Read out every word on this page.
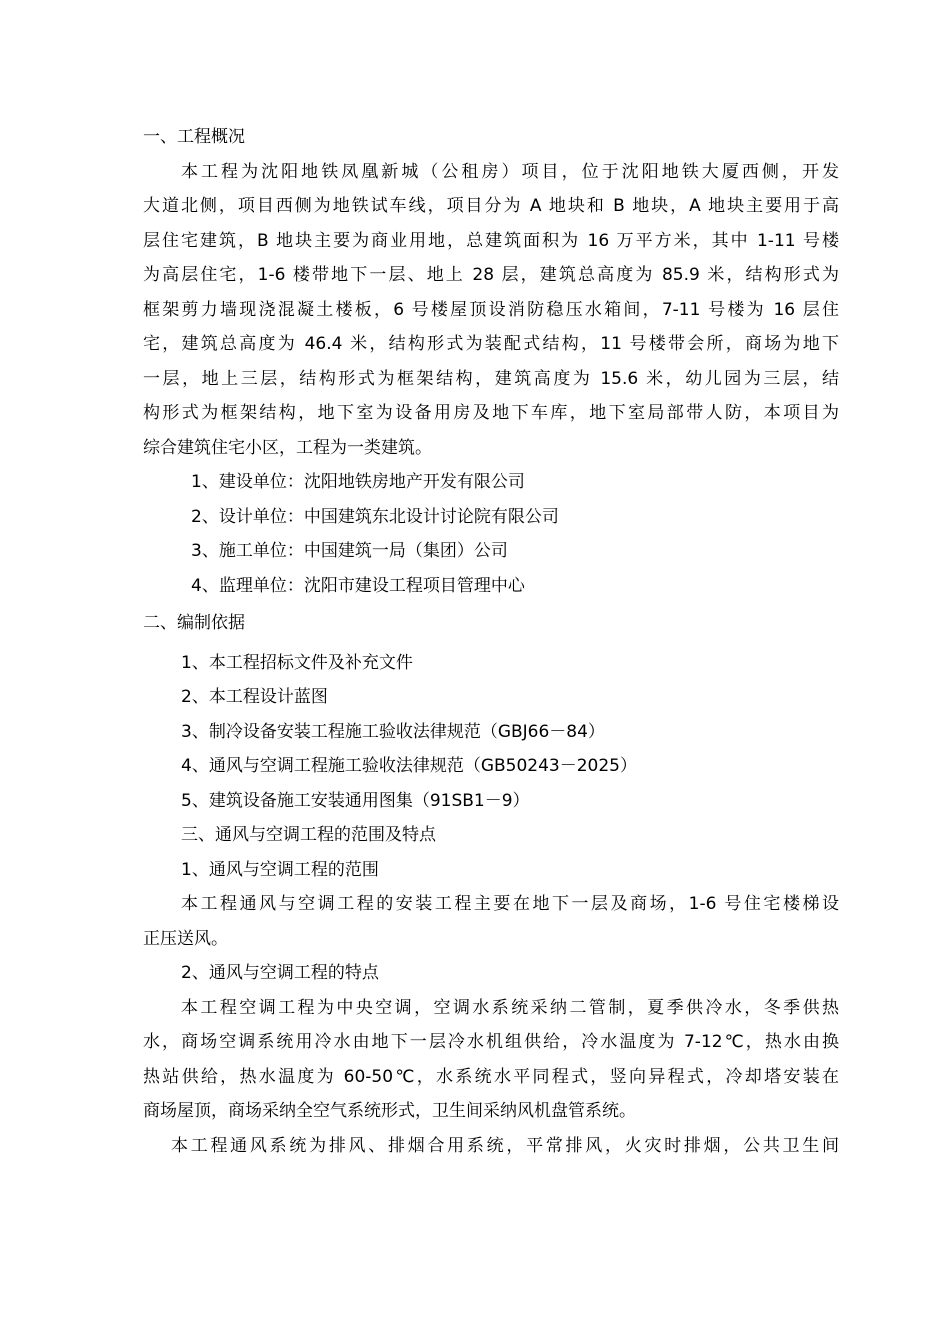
一、工程概况
本工程为沈阳地铁凤凰新城（公租房）项目，位于沈阳地铁大厦西侧，开发
大道北侧，项目西侧为地铁试车线，项目分为 A 地块和 B 地块，A 地块主要用于高
层住宅建筑，B 地块主要为商业用地，总建筑面积为 16 万平方米，其中 1-11 号楼
为高层住宅，1-6 楼带地下一层、地上 28 层，建筑总高度为 85.9 米，结构形式为
框架剪力墙现浇混凝土楼板，6 号楼屋顶设消防稳压水箱间，7-11 号楼为 16 层住
宅，建筑总高度为 46.4 米，结构形式为装配式结构，11 号楼带会所，商场为地下
一层，地上三层，结构形式为框架结构，建筑高度为 15.6 米，幼儿园为三层，结
构形式为框架结构，地下室为设备用房及地下车库，地下室局部带人防，本项目为
综合建筑住宅小区，工程为一类建筑。
1、建设单位：沈阳地铁房地产开发有限公司
2、设计单位：中国建筑东北设计讨论院有限公司
3、施工单位：中国建筑一局（集团）公司
4、监理单位：沈阳市建设工程项目管理中心
二、编制依据
1、本工程招标文件及补充文件
2、本工程设计蓝图
3、制冷设备安装工程施工验收法律规范（GBJ66－84）
4、通风与空调工程施工验收法律规范（GB50243－2025）
5、建筑设备施工安装通用图集（91SB1－9）
三、通风与空调工程的范围及特点
1、通风与空调工程的范围
本工程通风与空调工程的安装工程主要在地下一层及商场，1-6 号住宅楼梯设
正压送风。
2、通风与空调工程的特点
本工程空调工程为中央空调，空调水系统采纳二管制，夏季供冷水，冬季供热
水，商场空调系统用冷水由地下一层冷水机组供给，冷水温度为 7-12℃，热水由换
热站供给，热水温度为 60-50℃，水系统水平同程式，竖向异程式，冷却塔安装在
商场屋顶，商场采纳全空气系统形式，卫生间采纳风机盘管系统。
本工程通风系统为排风、排烟合用系统，平常排风，火灾时排烟，公共卫生间
